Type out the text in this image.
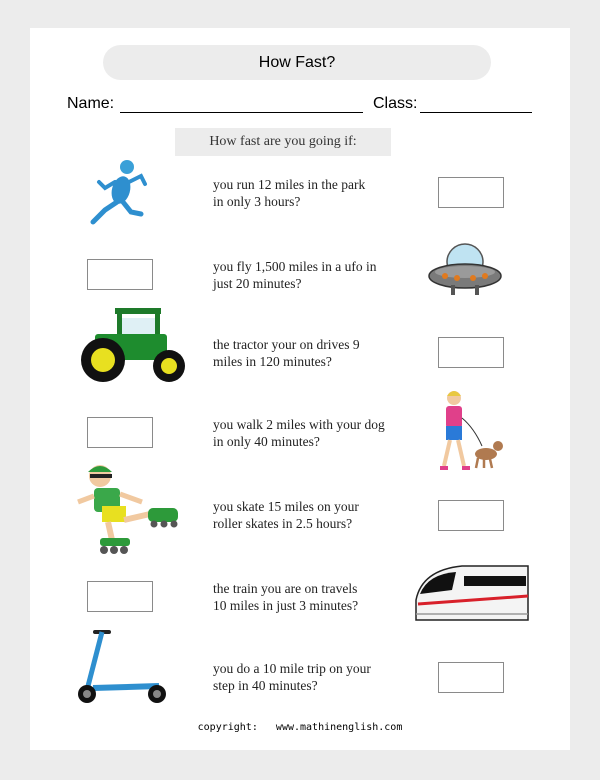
How Fast?
Name:	Class:
How fast are you going if:
you run 12 miles in the park
in only 3 hours?
you fly 1,500 miles in a ufo in
just 20 minutes?
the tractor your on drives 9
miles in 120 minutes?
you walk 2 miles with your dog
in only 40 minutes?
you skate 15 miles on your
roller skates in 2.5 hours?
the train you are on travels
10 miles in just 3 minutes?
you do a 10 mile trip on your
step in 40 minutes?
copyright: www.mathinenglish.com
